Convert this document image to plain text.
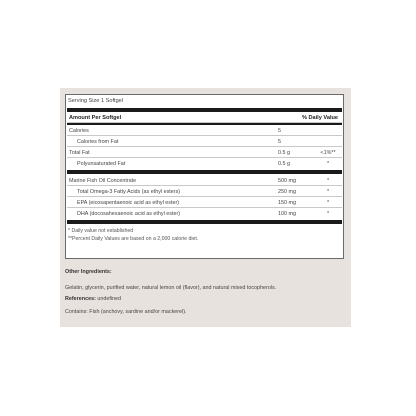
Serving Size 1 Softgel
Amount Per Softgel	% Daily Value
Calories	5
Calories from Fat	5
Total Fat	0.5 g	<1%**
Polyunsaturated Fat	0.5 g	*
Marine Fish Oil Concentrate	500 mg	*
Total Omega-3 Fatty Acids (as ethyl esters)	250 mg	*
EPA (eicosapentaenoic acid as ethyl ester)	150 mg	*
DHA (docosahexaenoic acid as ethyl ester)	100 mg	*
* Daily value not established
**Percent Daily Values are based on a 2,000 calorie diet.
Other Ingredients:
Gelatin, glycerin, purified water, natural lemon oil (flavor), and natural mixed tocopherols.
References: undefined
Contains: Fish (anchovy, sardine and/or mackerel).
